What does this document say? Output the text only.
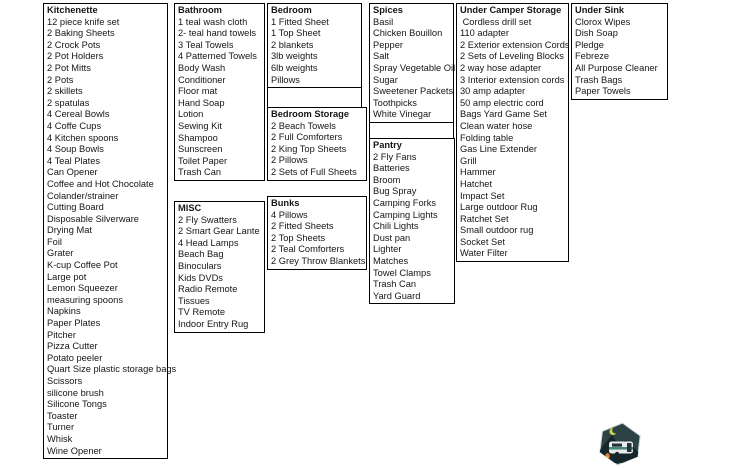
Kitchenette
12 piece knife set
2 Baking Sheets
2 Crock Pots
2 Pot Holders
2 Pot Mitts
2 Pots
2 skillets
2 spatulas
4 Cereal Bowls
4 Coffe Cups
4 Kitchen spoons
4 Soup Bowls
4 Teal Plates
Can Opener
Coffee and Hot Chocolate
Colander/strainer
Cutting Board
Disposable Silverware
Drying Mat
Foil
Grater
K-cup Coffee Pot
Large pot
Lemon Squeezer
measuring spoons
Napkins
Paper Plates
Pitcher
Pizza Cutter
Potato peeler
Quart Size plastic storage bags
Scissors
silicone brush
Silicone Tongs
Toaster
Turner
Whisk
Wine Opener
Bathroom
1 teal wash cloth
2- teal hand towels
3 Teal Towels
4 Patterned Towels
Body Wash
Conditioner
Floor mat
Hand Soap
Lotion
Sewing Kit
Shampoo
Sunscreen
Toilet Paper
Trash Can
MISC
2 Fly Swatters
2 Smart Gear Lante
4 Head Lamps
Beach Bag
Binoculars
Kids DVDs
Radio Remote
Tissues
TV Remote
Indoor Entry Rug
Bedroom
1 Fitted Sheet
1 Top Sheet
2 blankets
3lb weights
6lb weights
Pillows
Bedroom Storage
2 Beach Towels
2 Full Comforters
2 King Top Sheets
2 Pillows
2 Sets of Full Sheets
Bunks
4 Pillows
2 Fitted Sheets
2 Top Sheets
2 Teal Comforters
2 Grey Throw Blankets
Spices
Basil
Chicken Bouillon
Pepper
Salt
Spray Vegetable Oil
Sugar
Sweetener Packets
Toothpicks
White Vinegar
Pantry
2 Fly Fans
Batteries
Broom
Bug Spray
Camping Forks
Camping Lights
Chili Lights
Dust pan
Lighter
Matches
Towel Clamps
Trash Can
Yard Guard
Under Camper Storage
Cordless drill set
110 adapter
2 Exterior extension Cords
2 Sets of Leveling Blocks
2 way hose adapter
3 Interior extension cords
30 amp adapter
50 amp electric cord
Bags Yard Game Set
Clean water hose
Folding table
Gas Line Extender
Grill
Hammer
Hatchet
Impact Set
Large outdoor Rug
Ratchet Set
Small outdoor rug
Socket Set
Water Filter
Under Sink
Clorox Wipes
Dish Soap
Pledge
Febreze
All Purpose Cleaner
Trash Bags
Paper Towels
